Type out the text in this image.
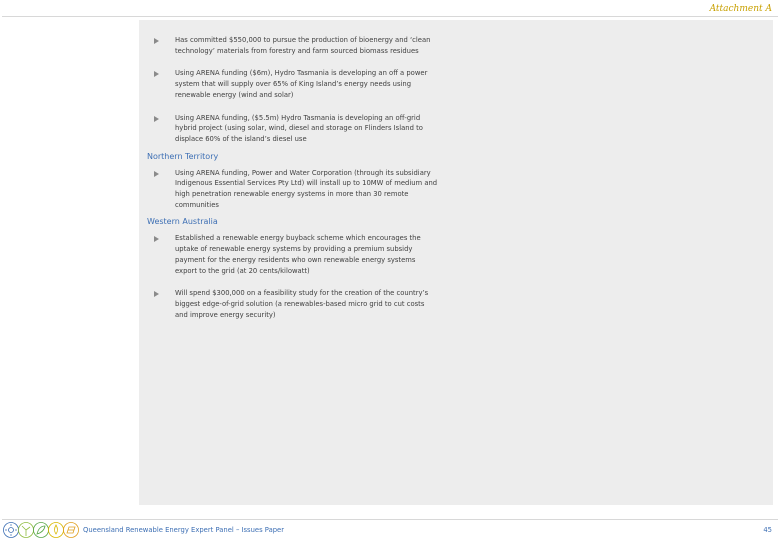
Attachment A
Has committed $550,000 to pursue the production of bioenergy and ‘clean technology’ materials from forestry and farm sourced biomass residues
Using ARENA funding ($6m), Hydro Tasmania is developing an off a power system that will supply over 65% of King Island’s energy needs using renewable energy (wind and solar)
Using ARENA funding, ($5.5m) Hydro Tasmania is developing an off-grid hybrid project (using solar, wind, diesel and storage on Flinders Island to displace 60% of the island’s diesel use
Northern Territory
Using ARENA funding, Power and Water Corporation (through its subsidiary Indigenous Essential Services Pty Ltd) will install up to 10MW of medium and high penetration renewable energy systems in more than 30 remote communities
Western Australia
Established a renewable energy buyback scheme which encourages the uptake of renewable energy systems by providing a premium subsidy payment for the energy residents who own renewable energy systems export to the grid (at 20 cents/kilowatt)
Will spend $300,000 on a feasibility study for the creation of the country’s biggest edge-of-grid solution (a renewables-based micro grid to cut costs and improve energy security)
Queensland Renewable Energy Expert Panel – Issues Paper	45
